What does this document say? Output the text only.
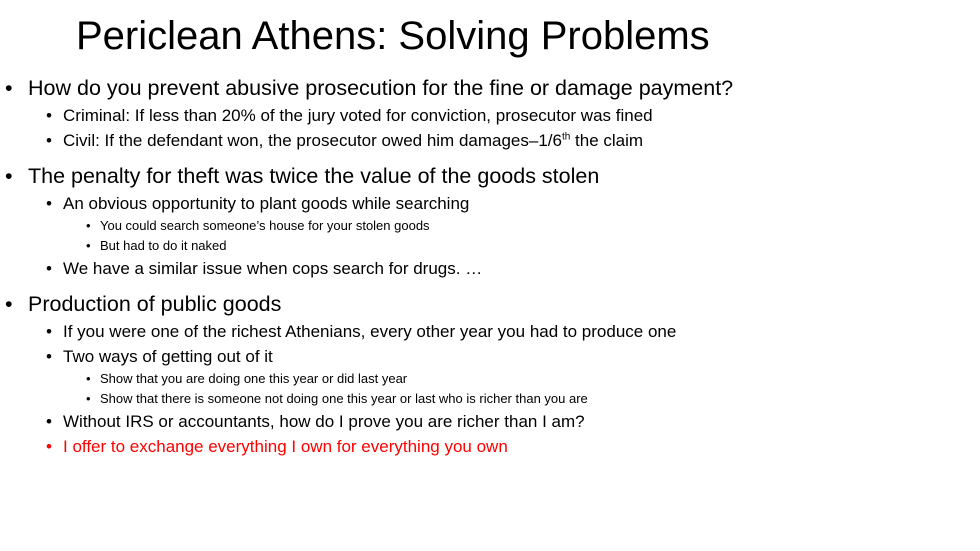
Periclean Athens: Solving Problems
• How do you prevent abusive prosecution for the fine or damage payment?
• Criminal: If less than 20% of the jury voted for conviction, prosecutor was fined
• Civil: If the defendant won, the prosecutor owed him damages–1/6th the claim
• The penalty for theft was twice the value of the goods stolen
• An obvious opportunity to plant goods while searching
• You could search someone’s house for your stolen goods
• But had to do it naked
• We have a similar issue when cops search for drugs. …
• Production of public goods
• If you were one of the richest Athenians, every other year you had to produce one
• Two ways of getting out of it
• Show that you are doing one this year or did last year
• Show that there is someone not doing one this year or last who is richer than you are
• Without IRS or accountants, how do I prove you are richer than I am?
• I offer to exchange everything I own for everything you own
